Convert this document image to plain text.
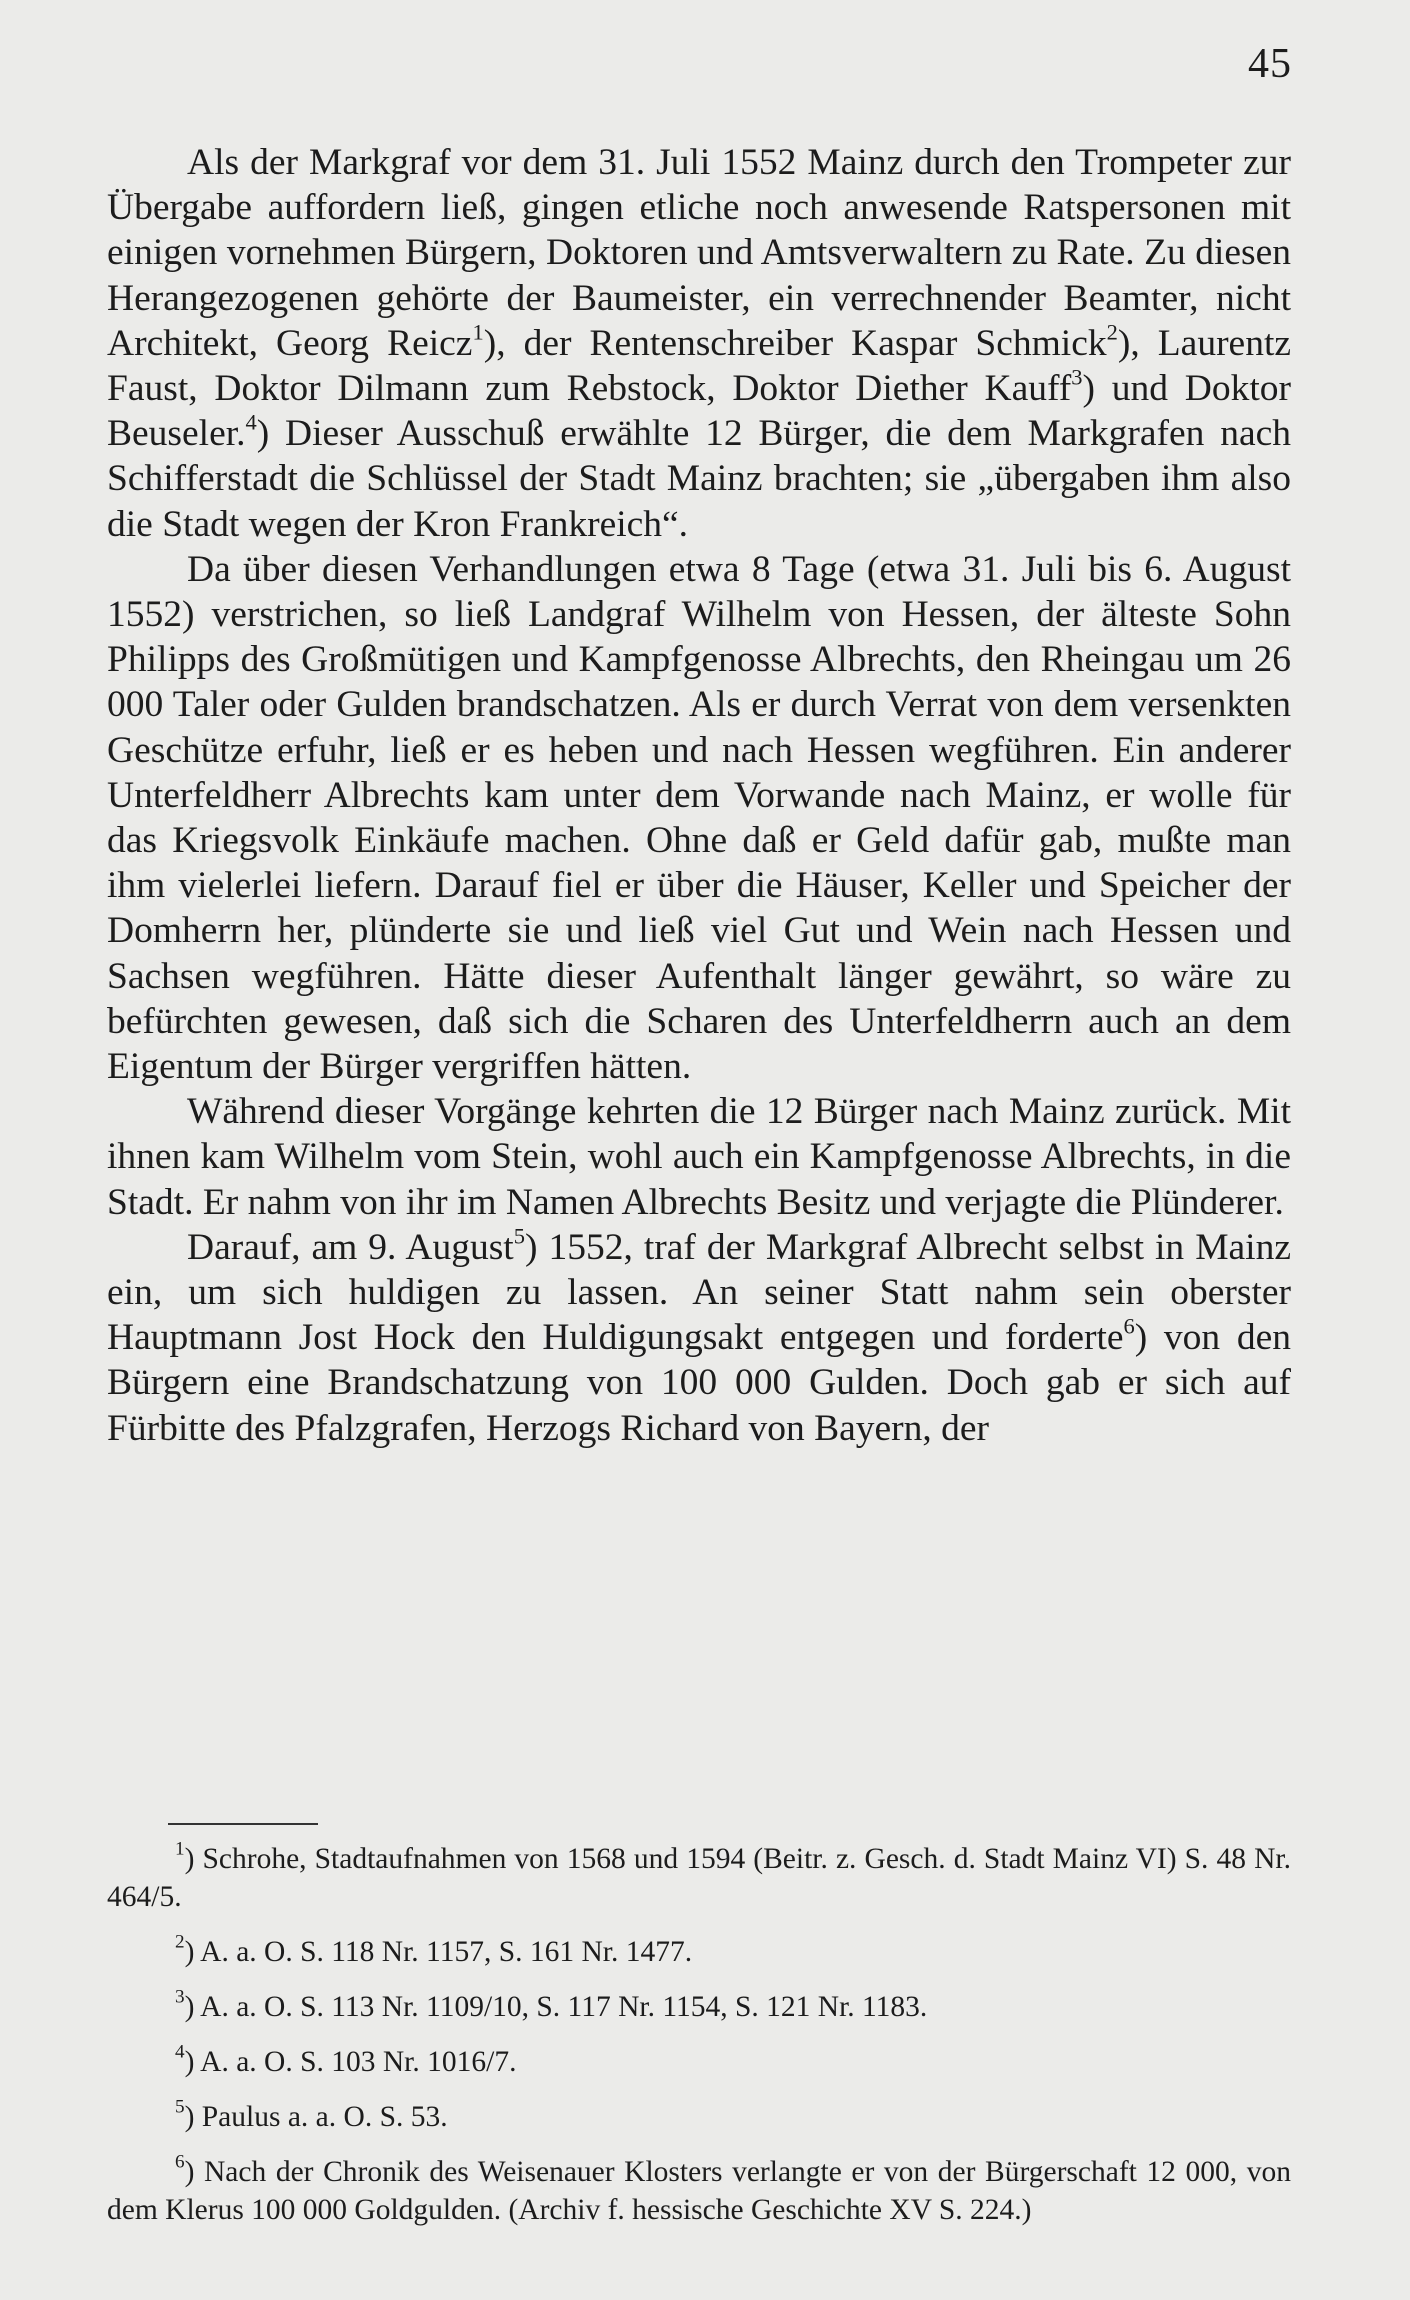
45

Als der Markgraf vor dem 31. Juli 1552 Mainz durch den Trompeter zur Übergabe auffordern ließ, gingen etliche noch anwesende Ratspersonen mit einigen vornehmen Bürgern, Doktoren und Amtsverwaltern zu Rate. Zu diesen Herangezogenen gehörte der Baumeister, ein verrechnender Beamter, nicht Architekt, Georg Reicz$^1$), der Rentenschreiber Kaspar Schmick$^2$), Laurentz Faust, Doktor Dilmann zum Rebstock, Doktor Diether Kauff$^3$) und Doktor Beuseler.$^4$) Dieser Ausschuß erwählte 12 Bürger, die dem Markgrafen nach Schifferstadt die Schlüssel der Stadt Mainz brachten; sie „übergaben ihm also die Stadt wegen der Kron Frankreich“.

Da über diesen Verhandlungen etwa 8 Tage (etwa 31. Juli bis 6. August 1552) verstrichen, so ließ Landgraf Wilhelm von Hessen, der älteste Sohn Philipps des Großmütigen und Kampfgenosse Albrechts, den Rheingau um 26 000 Taler oder Gulden brandschatzen. Als er durch Verrat von dem versenkten Geschütze erfuhr, ließ er es heben und nach Hessen wegführen. Ein anderer Unterfeldherr Albrechts kam unter dem Vorwande nach Mainz, er wolle für das Kriegsvolk Einkäufe machen. Ohne daß er Geld dafür gab, mußte man ihm vielerlei liefern. Darauf fiel er über die Häuser, Keller und Speicher der Domherrn her, plünderte sie und ließ viel Gut und Wein nach Hessen und Sachsen wegführen. Hätte dieser Aufenthalt länger gewährt, so wäre zu befürchten gewesen, daß sich die Scharen des Unterfeldherrn auch an dem Eigentum der Bürger vergriffen hätten.

Während dieser Vorgänge kehrten die 12 Bürger nach Mainz zurück. Mit ihnen kam Wilhelm vom Stein, wohl auch ein Kampfgenosse Albrechts, in die Stadt. Er nahm von ihr im Namen Albrechts Besitz und verjagte die Plünderer.

Darauf, am 9. August$^5$) 1552, traf der Markgraf Albrecht selbst in Mainz ein, um sich huldigen zu lassen. An seiner Statt nahm sein oberster Hauptmann Jost Hock den Huldigungsakt entgegen und forderte$^6$) von den Bürgern eine Brandschatzung von 100 000 Gulden. Doch gab er sich auf Fürbitte des Pfalzgrafen, Herzogs Richard von Bayern, der

$^1$) Schrohe, Stadtaufnahmen von 1568 und 1594 (Beitr. z. Gesch. d. Stadt Mainz VI) S. 48 Nr. 464/5.

$^2$) A. a. O. S. 118 Nr. 1157, S. 161 Nr. 1477.

$^3$) A. a. O. S. 113 Nr. 1109/10, S. 117 Nr. 1154, S. 121 Nr. 1183.

$^4$) A. a. O. S. 103 Nr. 1016/7.

$^5$) Paulus a. a. O. S. 53.

$^6$) Nach der Chronik des Weisenauer Klosters verlangte er von der Bürgerschaft 12 000, von dem Klerus 100 000 Goldgulden. (Archiv f. hessische Geschichte XV S. 224.)
